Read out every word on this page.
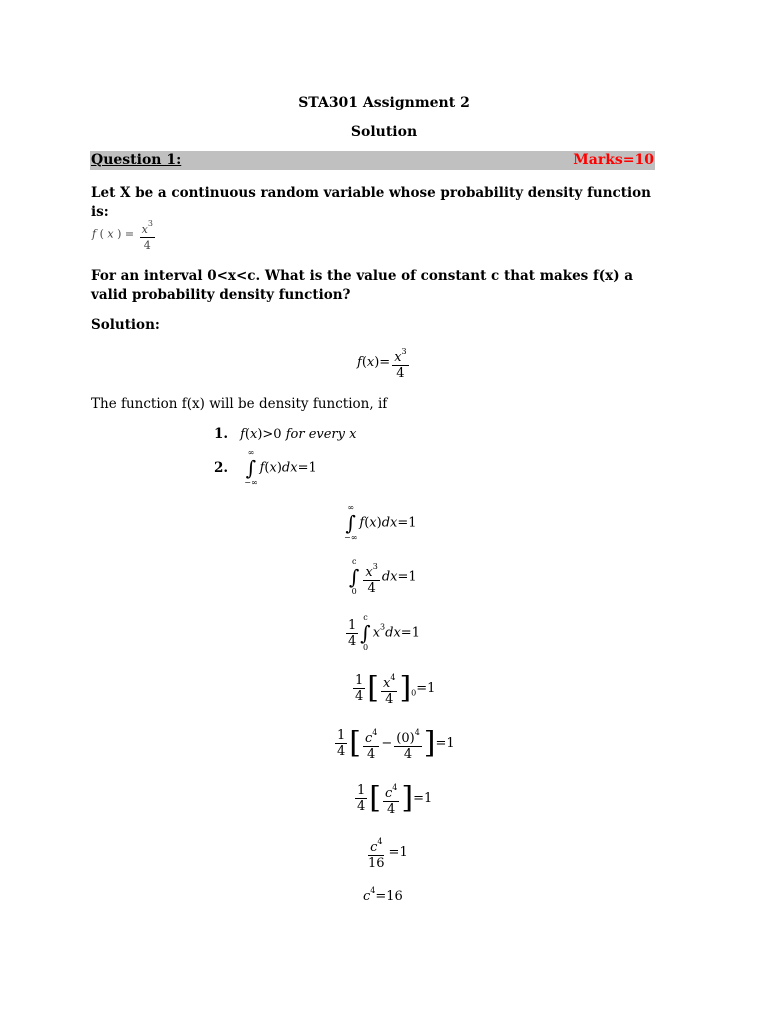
STA301 Assignment 2
Solution
Question 1:	Marks=10
Let X be a continuous random variable whose probability density function is:
f ( x ) = $\frac{x^3}{4}$
For an interval 0<x<c. What is the value of constant c that makes f(x) a valid probability density function?
Solution:
$f(x)= \frac{x^3}{4}$
The function f(x) will be density function, if
1. f(x)>0 for every x
2.
∞
∫
−∞
f(x)dx=1
∞
∫
−∞
f(x)dx=1
c
∫
$0 \frac{x^3}{4} dx=1$
$\frac{1}{4}$ c
∫
0
$x^3dx=1$
$\frac{1}{4}$ [ $\frac{x^4}{4} ]_0=1$
$\frac{1}{4}$ [ $\frac{c^4}{4} - \frac{(0)^4}{4} ]=1$
$\frac{1}{4}$ [ $\frac{c^4}{4} ]=1$
$\frac{c^4}{16} =1$
$c^4=16$
